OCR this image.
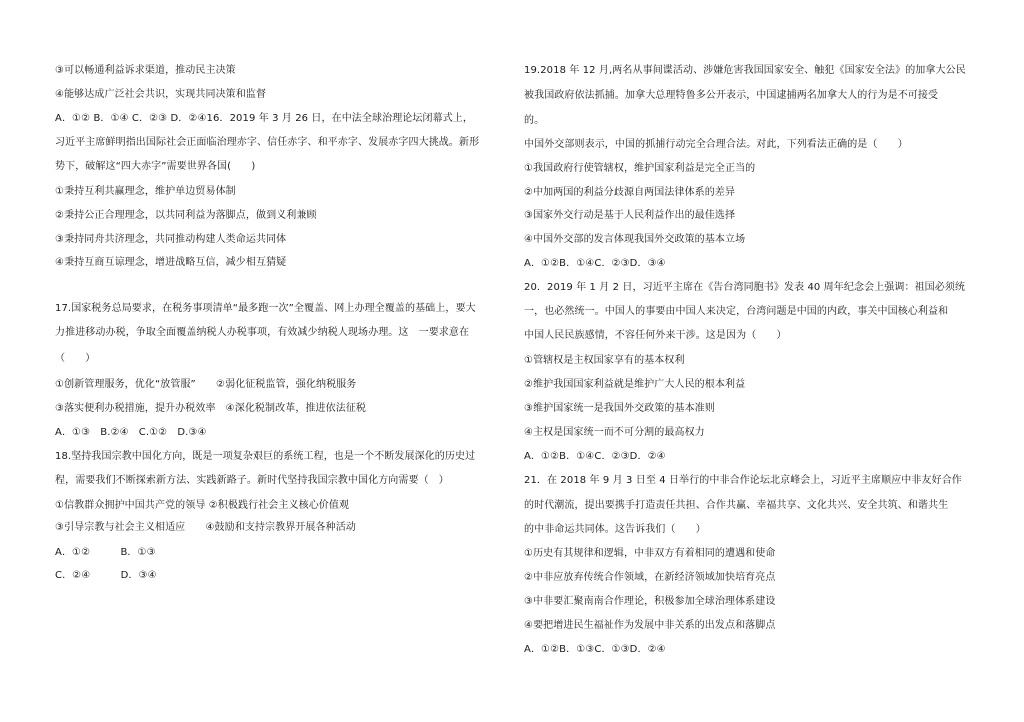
③可以畅通利益诉求渠道，推动民主决策
④能够达成广泛社会共识，实现共同决策和监督
A．①② B．①④ C．②③ D．②④16．2019 年 3 月 26 日，在中法全球治理论坛闭幕式上，
习近平主席鲜明指出国际社会正面临治理赤字、信任赤字、和平赤字、发展赤字四大挑战。新形
势下，破解这“四大赤字”需要世界各国(　　)
①秉持互利共赢理念，维护单边贸易体制
②秉持公正合理理念，以共同利益为落脚点，做到义利兼顾
③秉持同舟共济理念，共同推动构建人类命运共同体
④秉持互商互谅理念，增进战略互信，减少相互猜疑
17.国家税务总局要求，在税务事项清单“最多跑一次”全覆盖、网上办理全覆盖的基础上，要大
力推进移动办税，争取全面覆盖纳税人办税事项，有效减少纳税人现场办理。这　一要求意在
（　　）
①创新管理服务，优化“放管服”　　②弱化征税监管，强化纳税服务
③落实便利办税措施，提升办税效率　④深化税制改革，推进依法征税
A．①③　B.②④　C.①②　D.③④
18.坚持我国宗教中国化方向，既是一项复杂艰巨的系统工程，也是一个不断发展深化的历史过
程，需要我们不断探索新方法、实践新路子。新时代坚持我国宗教中国化方向需要（　）
①信教群众拥护中国共产党的领导 ②积极践行社会主义核心价值观
③引导宗教与社会主义相适应　　④鼓励和支持宗教界开展各种活动
A．①②　　　B．①③
C．②④　　　D．③④
19.2018 年 12 月,两名从事间谍活动、涉嫌危害我国国家安全、触犯《国家安全法》的加拿大公民
被我国政府依法抓捕。加拿大总理特鲁多公开表示，中国逮捕两名加拿大人的行为是不可接受
的。
中国外交部则表示，中国的抓捕行动完全合理合法。对此，下列看法正确的是（　　）
①我国政府行使管辖权，维护国家利益是完全正当的
②中加两国的利益分歧源自两国法律体系的差异
③国家外交行动是基于人民利益作出的最佳选择
④中国外交部的发言体现我国外交政策的基本立场
A．①②B．①④C．②③D．③④
20．2019 年 1 月 2 日，习近平主席在《告台湾同胞书》发表 40 周年纪念会上强调：祖国必须统
一，也必然统一。中国人的事要由中国人来决定，台湾问题是中国的内政，事关中国核心利益和
中国人民民族感情，不容任何外来干涉。这是因为（　　）
①管辖权是主权国家享有的基本权利
②维护我国国家利益就是维护广大人民的根本利益
③维护国家统一是我国外交政策的基本准则
④主权是国家统一而不可分割的最高权力
A．①②B．①④C．②③D．②④
21．在 2018 年 9 月 3 日至 4 日举行的中非合作论坛北京峰会上，习近平主席顺应中非友好合作
的时代潮流，提出要携手打造责任共担、合作共赢、幸福共享、文化共兴、安全共筑、和谐共生
的中非命运共同体。这告诉我们（　　）
①历史有其规律和逻辑，中非双方有着相同的遭遇和使命
②中非应放弃传统合作领域，在新经济领域加快培育亮点
③中非要汇聚南南合作理论，积极参加全球治理体系建设
④要把增进民生福祉作为发展中非关系的出发点和落脚点
A．①②B．①③C．①③D．②④
